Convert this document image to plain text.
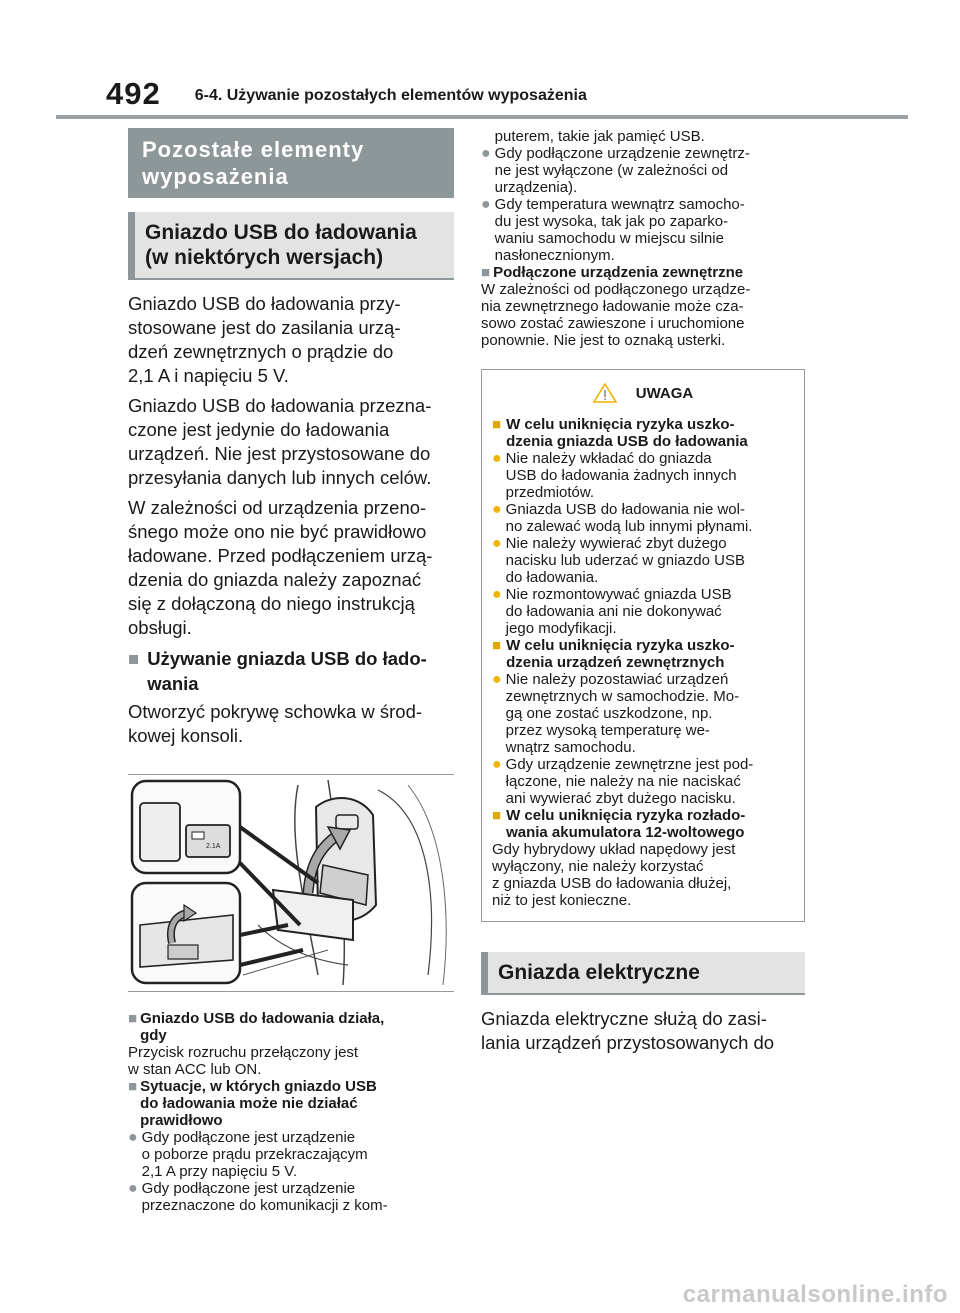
492 6-4. Używanie pozostałych elementów wyposażenia
Pozostałe elementy
wyposażenia
Gniazdo USB do ładowania
(w niektórych wersjach)

Gniazdo USB do ładowania przy-
stosowane jest do zasilania urzą-
dzeń zewnętrznych o prądzie do
2,1 A i napięciu 5 V.

Gniazdo USB do ładowania przezna-
czone jest jedynie do ładowania
urządzeń. Nie jest przystosowane do
przesyłania danych lub innych celów.

W zależności od urządzenia przeno-
śnego może ono nie być prawidłowo
ładowane. Przed podłączeniem urzą-
dzenia do gniazda należy zapoznać
się z dołączoną do niego instrukcją
obsługi.

■ Używanie gniazda USB do łado-
wania

Otworzyć pokrywę schowka w środ-
kowej konsoli.

2.1A
■ Gniazdo USB do ładowania działa,
gdy

Przycisk rozruchu przełączony jest
w stan ACC lub ON.

■ Sytuacje, w których gniazdo USB
do ładowania może nie działać
prawidłowo
● Gdy podłączone jest urządzenie
o poborze prądu przekraczającym
2,1 A przy napięciu 5 V.
● Gdy podłączone jest urządzenie
przeznaczone do komunikacji z kom-
puterem, takie jak pamięć USB.
● Gdy podłączone urządzenie zewnętrz-
ne jest wyłączone (w zależności od
urządzenia).
● Gdy temperatura wewnątrz samocho-
du jest wysoka, tak jak po zaparko-
waniu samochodu w miejscu silnie
nasłonecznionym.
■ Podłączone urządzenia zewnętrzne

W zależności od podłączonego urządze-
nia zewnętrznego ładowanie może cza-
sowo zostać zawieszone i uruchomione
ponownie. Nie jest to oznaką usterki.

UWAGA
■ W celu uniknięcia ryzyka uszko-
dzenia gniazda USB do ładowania
● Nie należy wkładać do gniazda
USB do ładowania żadnych innych
przedmiotów.
● Gniazda USB do ładowania nie wol-
no zalewać wodą lub innymi płynami.
● Nie należy wywierać zbyt dużego
nacisku lub uderzać w gniazdo USB
do ładowania.
● Nie rozmontowywać gniazda USB
do ładowania ani nie dokonywać
jego modyfikacji.
■ W celu uniknięcia ryzyka uszko-
dzenia urządzeń zewnętrznych
● Nie należy pozostawiać urządzeń
zewnętrznych w samochodzie. Mo-
gą one zostać uszkodzone, np.
przez wysoką temperaturę we-
wnątrz samochodu.
● Gdy urządzenie zewnętrzne jest pod-
łączone, nie należy na nie naciskać
ani wywierać zbyt dużego nacisku.
■ W celu uniknięcia ryzyka rozłado-
wania akumulatora 12-woltowego

Gdy hybrydowy układ napędowy jest
wyłączony, nie należy korzystać
z gniazda USB do ładowania dłużej,
niż to jest konieczne.

Gniazda elektryczne

Gniazda elektryczne służą do zasi-
lania urządzeń przystosowanych do

carmanualsonline.info
